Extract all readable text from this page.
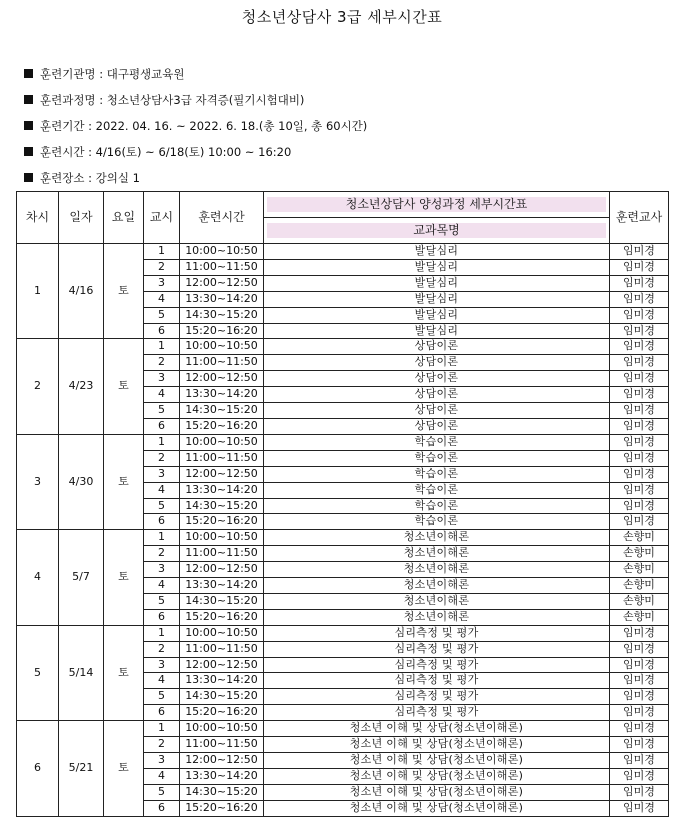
청소년상담사 3급 세부시간표
훈련기관명 : 대구평생교육원
훈련과정명 : 청소년상담사3급 자격증(필기시험대비)
훈련기간 : 2022. 04. 16. ~ 2022. 6. 18.(총 10일, 총 60시간)
훈련시간 : 4/16(토) ~ 6/18(토) 10:00 ~ 16:20
훈련장소 : 강의실 1
차시	일자	요일	교시	훈련시간	청소년상담사 양성과정 세부시간표	훈련교사

					교과목명	

1	4/16	토	1	10:00~10:50	발달심리	임미경
			2	11:00~11:50	발달심리	임미경
			3	12:00~12:50	발달심리	임미경
			4	13:30~14:20	발달심리	임미경
			5	14:30~15:20	발달심리	임미경
			6	15:20~16:20	발달심리	임미경
2	4/23	토	1	10:00~10:50	상담이론	임미경
			2	11:00~11:50	상담이론	임미경
			3	12:00~12:50	상담이론	임미경
			4	13:30~14:20	상담이론	임미경
			5	14:30~15:20	상담이론	임미경
			6	15:20~16:20	상담이론	임미경
3	4/30	토	1	10:00~10:50	학습이론	임미경
			2	11:00~11:50	학습이론	임미경
			3	12:00~12:50	학습이론	임미경
			4	13:30~14:20	학습이론	임미경
			5	14:30~15:20	학습이론	임미경
			6	15:20~16:20	학습이론	임미경
4	5/7	토	1	10:00~10:50	청소년이해론	손향미
			2	11:00~11:50	청소년이해론	손향미
			3	12:00~12:50	청소년이해론	손향미
			4	13:30~14:20	청소년이해론	손향미
			5	14:30~15:20	청소년이해론	손향미
			6	15:20~16:20	청소년이해론	손향미
5	5/14	토	1	10:00~10:50	심리측정 및 평가	임미경
			2	11:00~11:50	심리측정 및 평가	임미경
			3	12:00~12:50	심리측정 및 평가	임미경
			4	13:30~14:20	심리측정 및 평가	임미경
			5	14:30~15:20	심리측정 및 평가	임미경
			6	15:20~16:20	심리측정 및 평가	임미경
6	5/21	토	1	10:00~10:50	청소년 이해 및 상담(청소년이해론)	임미경
			2	11:00~11:50	청소년 이해 및 상담(청소년이해론)	임미경
			3	12:00~12:50	청소년 이해 및 상담(청소년이해론)	임미경
			4	13:30~14:20	청소년 이해 및 상담(청소년이해론)	임미경
			5	14:30~15:20	청소년 이해 및 상담(청소년이해론)	임미경
			6	15:20~16:20	청소년 이해 및 상담(청소년이해론)	임미경
